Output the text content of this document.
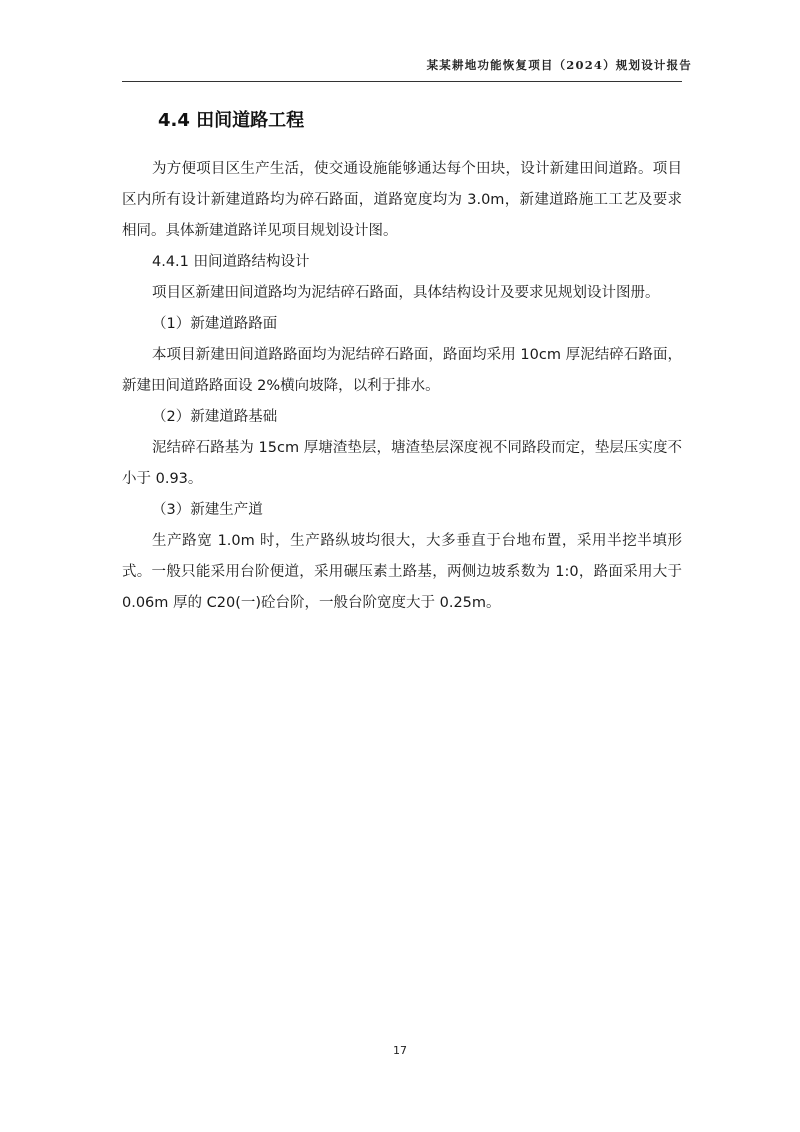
某某耕地功能恢复项目（2024）规划设计报告
4.4 田间道路工程

为方便项目区生产生活，使交通设施能够通达每个田块，设计新建田间道路。项目区内所有设计新建道路均为碎石路面，道路宽度均为 3.0m，新建道路施工工艺及要求相同。具体新建道路详见项目规划设计图。

4.4.1 田间道路结构设计

项目区新建田间道路均为泥结碎石路面，具体结构设计及要求见规划设计图册。

（1）新建道路路面

本项目新建田间道路路面均为泥结碎石路面，路面均采用 10cm 厚泥结碎石路面，新建田间道路路面设 2%横向坡降，以利于排水。

（2）新建道路基础

泥结碎石路基为 15cm 厚塘渣垫层，塘渣垫层深度视不同路段而定，垫层压实度不小于 0.93。

（3）新建生产道

生产路宽 1.0m 时，生产路纵坡均很大，大多垂直于台地布置，采用半挖半填形式。一般只能采用台阶便道，采用碾压素土路基，两侧边坡系数为 1:0，路面采用大于 0.06m 厚的 C20(一)砼台阶，一般台阶宽度大于 0.25m。

17
